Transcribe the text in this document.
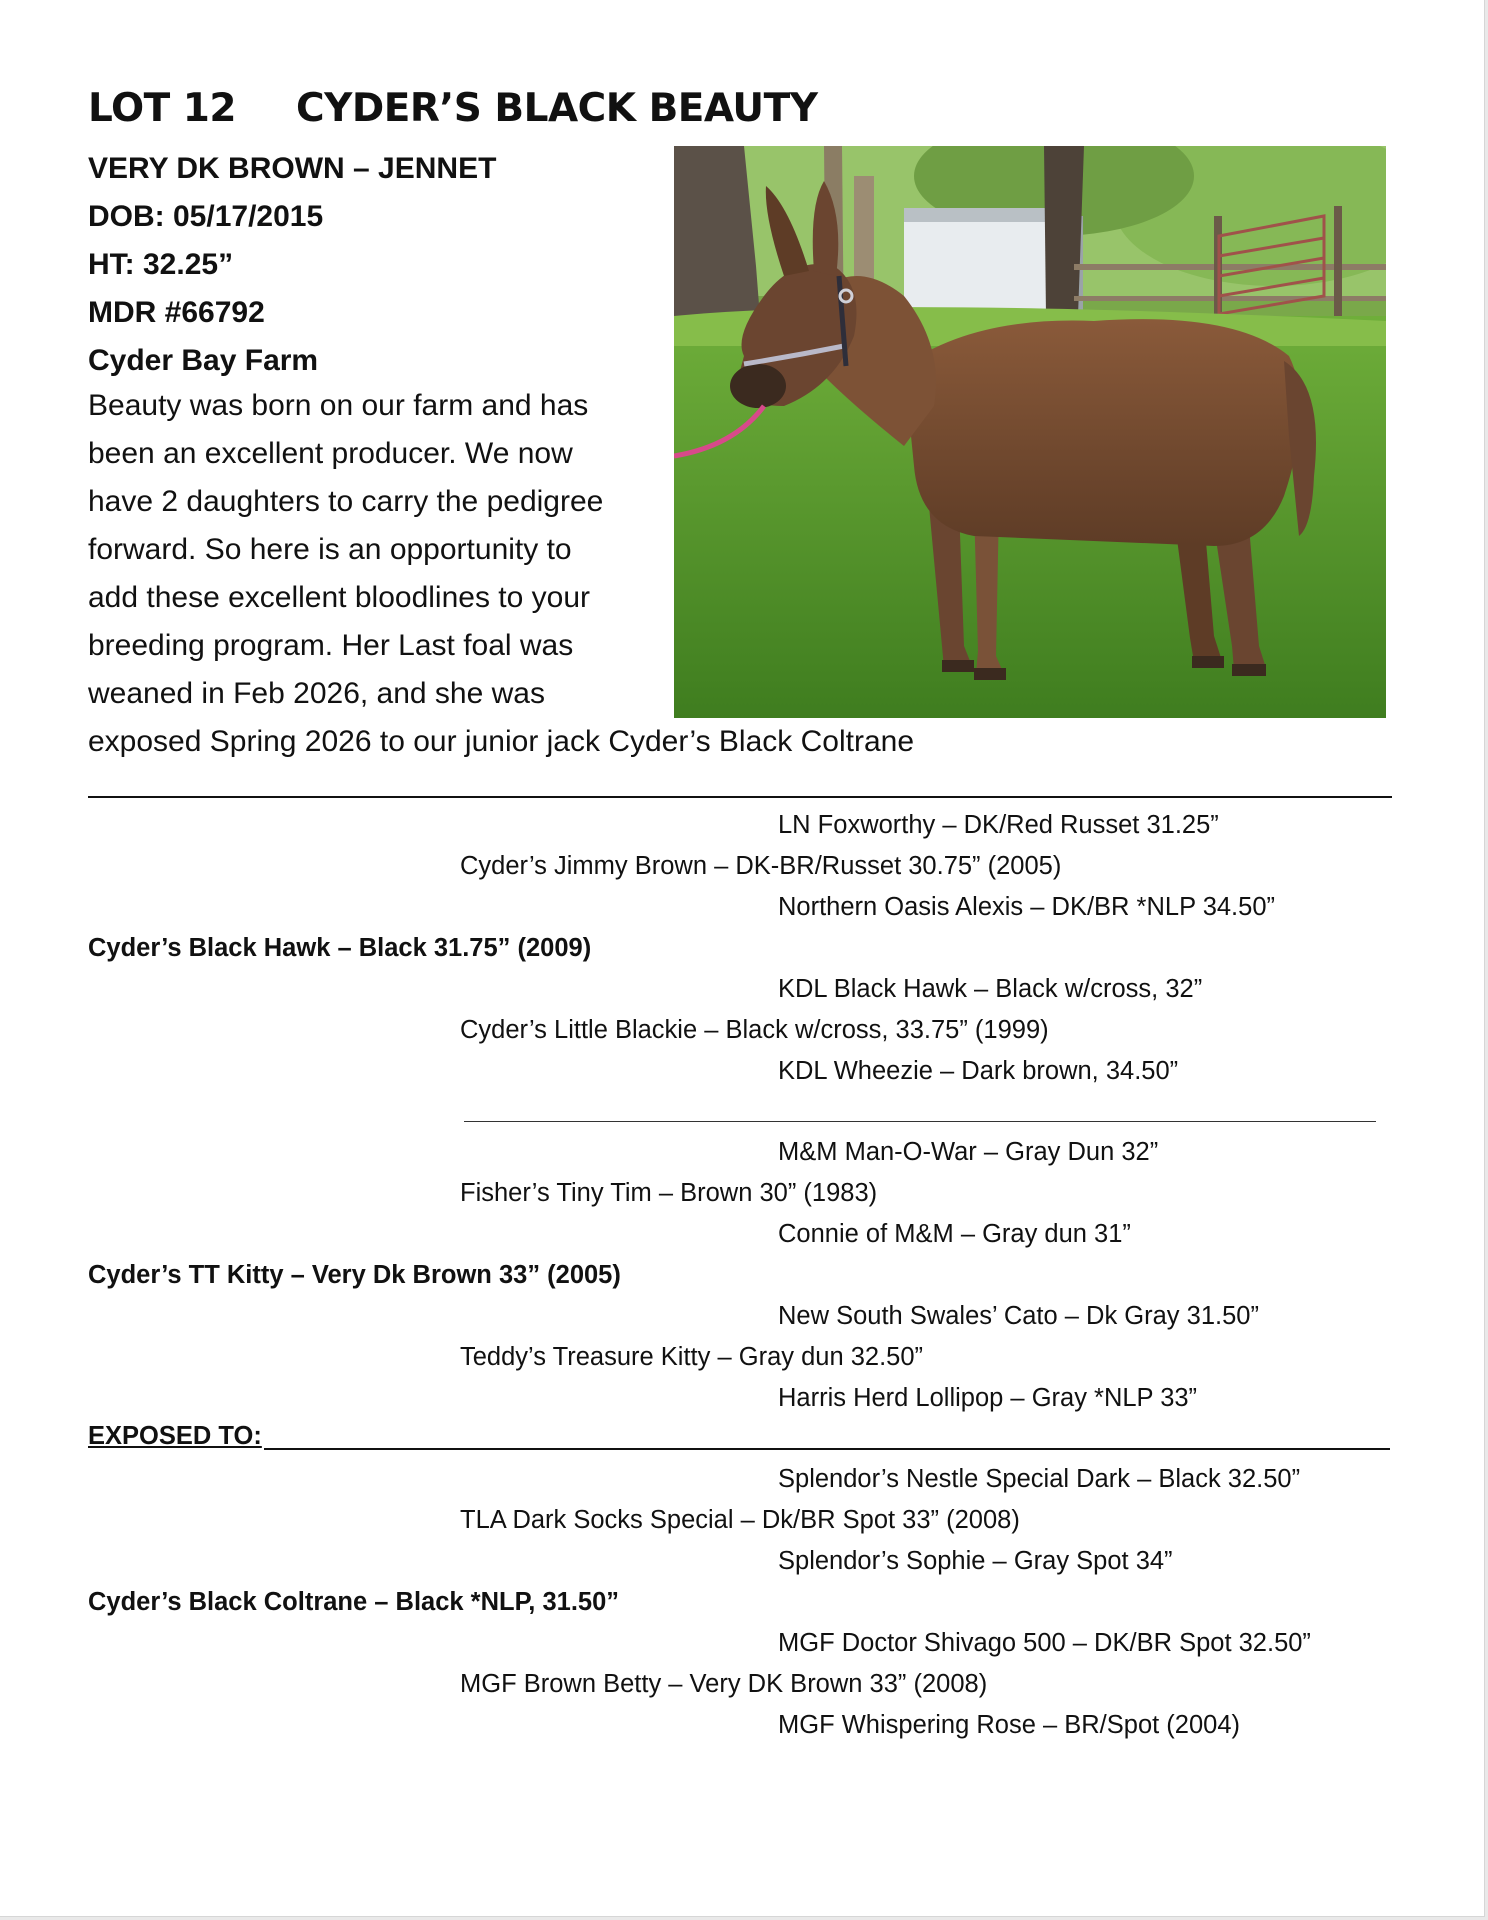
LOT 12 CYDER’S BLACK BEAUTY
VERY DK BROWN – JENNET
DOB: 05/17/2015
HT: 32.25”
MDR #66792
Cyder Bay Farm
Beauty was born on our farm and has
been an excellent producer. We now
have 2 daughters to carry the pedigree
forward. So here is an opportunity to
add these excellent bloodlines to your
breeding program. Her Last foal was
weaned in Feb 2026, and she was
exposed Spring 2026 to our junior jack Cyder’s Black Coltrane
LN Foxworthy – DK/Red Russet 31.25”
Cyder’s Jimmy Brown – DK-BR/Russet 30.75” (2005)
Northern Oasis Alexis – DK/BR *NLP 34.50”
Cyder’s Black Hawk – Black 31.75” (2009)
KDL Black Hawk – Black w/cross, 32”
Cyder’s Little Blackie – Black w/cross, 33.75” (1999)
KDL Wheezie – Dark brown, 34.50”
M&M Man-O-War – Gray Dun 32”
Fisher’s Tiny Tim – Brown 30” (1983)
Connie of M&M – Gray dun 31”
Cyder’s TT Kitty – Very Dk Brown 33” (2005)
New South Swales’ Cato – Dk Gray 31.50”
Teddy’s Treasure Kitty – Gray dun 32.50”
Harris Herd Lollipop – Gray *NLP 33”
EXPOSED TO:
Splendor’s Nestle Special Dark – Black 32.50”
TLA Dark Socks Special – Dk/BR Spot 33” (2008)
Splendor’s Sophie – Gray Spot 34”
Cyder’s Black Coltrane – Black *NLP, 31.50”
MGF Doctor Shivago 500 – DK/BR Spot 32.50”
MGF Brown Betty – Very DK Brown 33” (2008)
MGF Whispering Rose – BR/Spot (2004)
